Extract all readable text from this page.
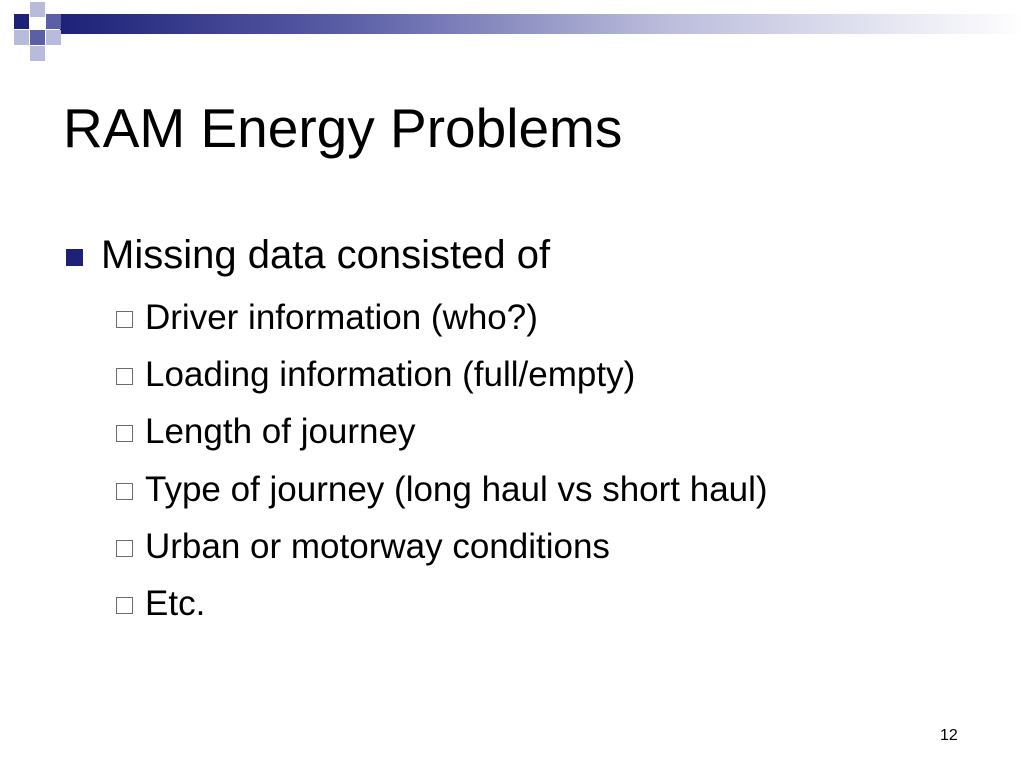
RAM Energy Problems
Missing data consisted of
Driver information (who?)
Loading information (full/empty)
Length of journey
Type of journey (long haul vs short haul)
Urban or motorway conditions
Etc.
12
